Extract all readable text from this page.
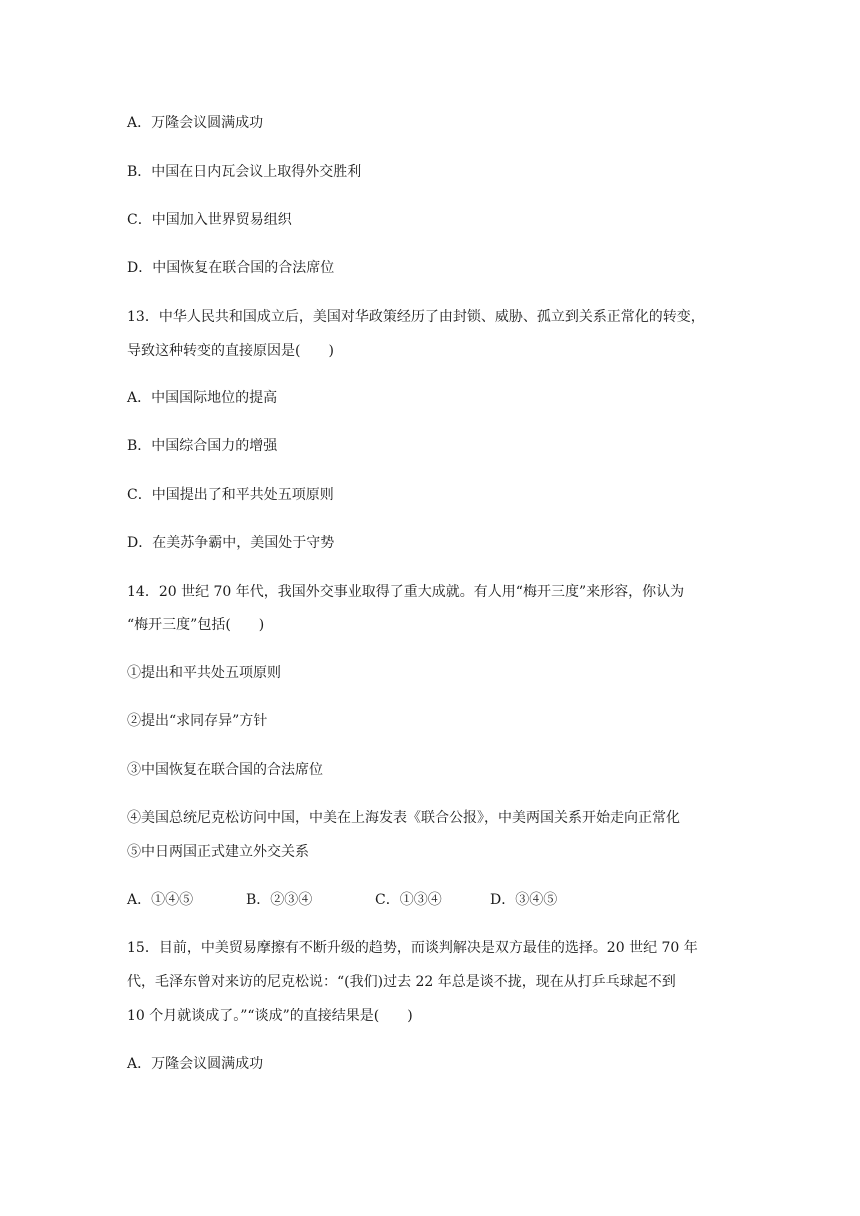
A．万隆会议圆满成功
B．中国在日内瓦会议上取得外交胜利
C．中国加入世界贸易组织
D．中国恢复在联合国的合法席位
13．中华人民共和国成立后，美国对华政策经历了由封锁、威胁、孤立到关系正常化的转变，
导致这种转变的直接原因是(　　)
A．中国国际地位的提高
B．中国综合国力的增强
C．中国提出了和平共处五项原则
D．在美苏争霸中，美国处于守势
14．20 世纪 70 年代，我国外交事业取得了重大成就。有人用“梅开三度”来形容，你认为
“梅开三度”包括(　　)
①提出和平共处五项原则
②提出“求同存异”方针
③中国恢复在联合国的合法席位
④美国总统尼克松访问中国，中美在上海发表《联合公报》，中美两国关系开始走向正常化
⑤中日两国正式建立外交关系
A．①④⑤	B．②③④	C．①③④	D．③④⑤
15．目前，中美贸易摩擦有不断升级的趋势，而谈判解决是双方最佳的选择。20 世纪 70 年
代，毛泽东曾对来访的尼克松说：“(我们)过去 22 年总是谈不拢，现在从打乒乓球起不到
10 个月就谈成了。”“谈成”的直接结果是(　　)
A．万隆会议圆满成功
